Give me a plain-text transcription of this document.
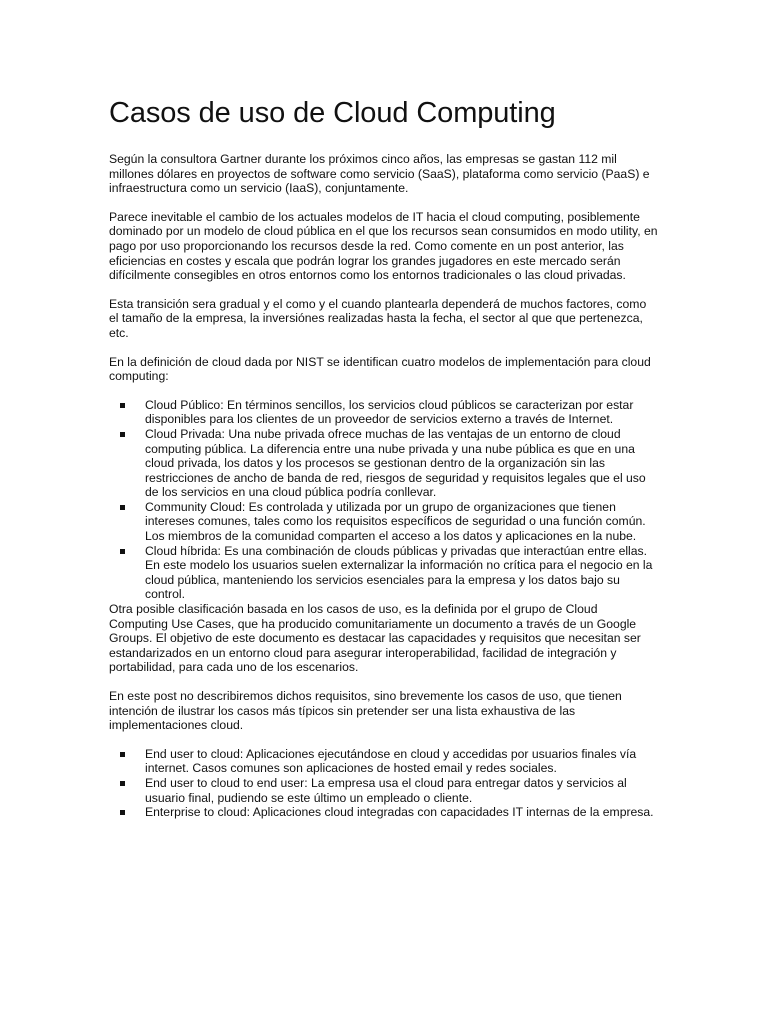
Casos de uso de Cloud Computing

Según la consultora Gartner durante los próximos cinco años, las empresas se gastan 112 mil millones dólares en proyectos de software como servicio (SaaS), plataforma como servicio (PaaS) e infraestructura como un servicio (IaaS), conjuntamente.

Parece inevitable el cambio de los actuales modelos de IT hacia el cloud computing, posiblemente dominado por un modelo de cloud pública en el que los recursos sean consumidos en modo utility, en pago por uso proporcionando los recursos desde la red. Como comente en un post anterior, las eficiencias en costes y escala que podrán lograr los grandes jugadores en este mercado serán difícilmente consegibles en otros entornos como los entornos tradicionales o las cloud privadas.

Esta transición sera gradual y el como y el cuando plantearla dependerá de muchos factores, como el tamaño de la empresa, la inversiónes realizadas hasta la fecha, el sector al que que pertenezca, etc.

En la definición de cloud dada por NIST se identifican cuatro modelos de implementación para cloud computing:

Cloud Público: En términos sencillos, los servicios cloud públicos se caracterizan por estar disponibles para los clientes de un proveedor de servicios externo a través de Internet.
Cloud Privada: Una nube privada ofrece muchas de las ventajas de un entorno de cloud computing pública. La diferencia entre una nube privada y una nube pública es que en una cloud privada, los datos y los procesos se gestionan dentro de la organización sin las restricciones de ancho de banda de red, riesgos de seguridad y requisitos legales que el uso de los servicios en una cloud pública podría conllevar.
Community Cloud: Es controlada y utilizada por un grupo de organizaciones que tienen intereses comunes, tales como los requisitos específicos de seguridad o una función común. Los miembros de la comunidad comparten el acceso a los datos y aplicaciones en la nube.
Cloud híbrida: Es una combinación de clouds públicas y privadas que interactúan entre ellas. En este modelo los usuarios suelen externalizar la información no crítica para el negocio en la cloud pública, manteniendo los servicios esenciales para la empresa y los datos bajo su control.

Otra posible clasificación basada en los casos de uso, es la definida por el grupo de Cloud Computing Use Cases, que ha producido comunitariamente un documento a través de un Google Groups. El objetivo de este documento es destacar las capacidades y requisitos que necesitan ser estandarizados en un entorno cloud para asegurar interoperabilidad, facilidad de integración y portabilidad, para cada uno de los escenarios.

En este post no describiremos dichos requisitos, sino brevemente los casos de uso, que tienen intención de ilustrar los casos más típicos sin pretender ser una lista exhaustiva de las implementaciones cloud.

End user to cloud: Aplicaciones ejecutándose en cloud y accedidas por usuarios finales vía internet. Casos comunes son aplicaciones de hosted email y redes sociales.
End user to cloud to end user: La empresa usa el cloud para entregar datos y servicios al usuario final, pudiendo se este último un empleado o cliente.
Enterprise to cloud: Aplicaciones cloud integradas con capacidades IT internas de la empresa.
